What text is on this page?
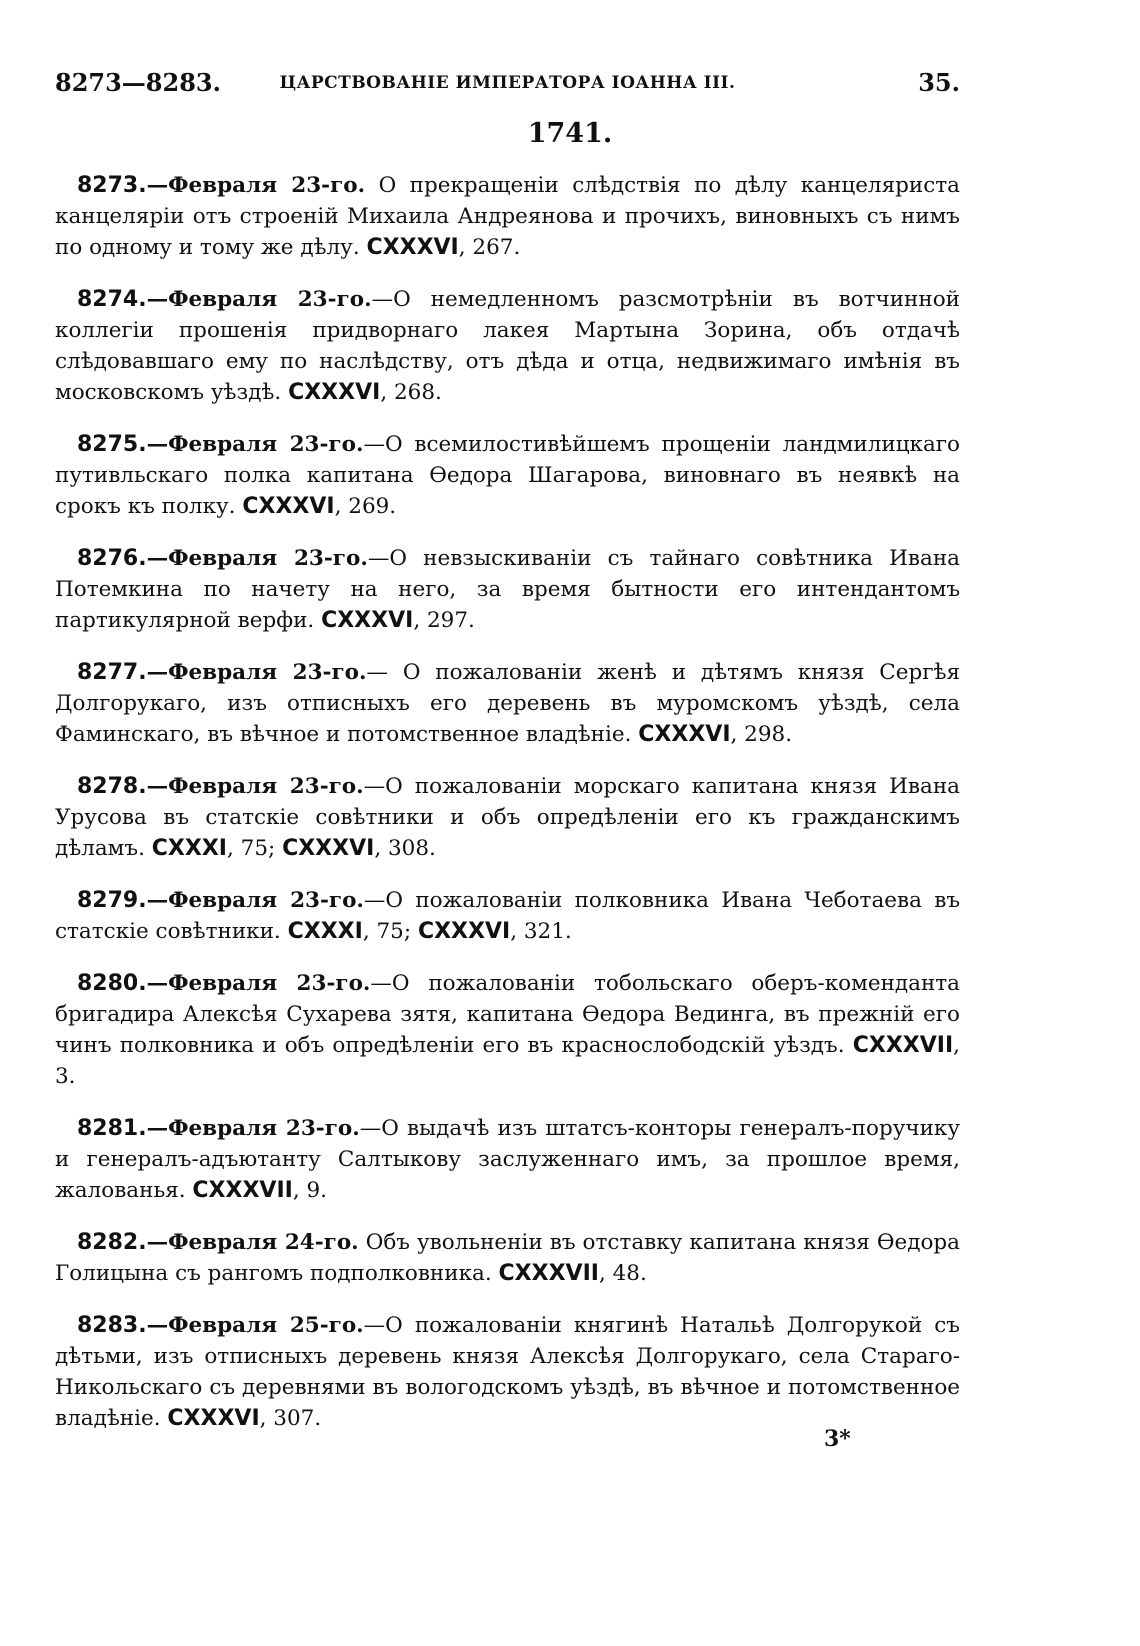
8273—8283.	ЦАРСТВОВАНІЕ ИМПЕРАТОРА ІОАННА III.	35.
1741.

8273.—Февраля 23-го. О прекращеніи слѣдствія по дѣлу канцеляриста канцеляріи отъ строеній Михаила Андреянова и прочихъ, виновныхъ съ нимъ по одному и тому же дѣлу. CXXXVI, 267.

8274.—Февраля 23-го.—О немедленномъ разсмотрѣніи въ вотчинной коллегіи прошенія придворнаго лакея Мартына Зорина, объ отдачѣ слѣдовавшаго ему по наслѣдству, отъ дѣда и отца, недвижимаго имѣнія въ московскомъ уѣздѣ. CXXXVI, 268.

8275.—Февраля 23-го.—О всемилостивѣйшемъ прощеніи ландмилицкаго путивльскаго полка капитана Ѳедора Шагарова, виновнаго въ неявкѣ на срокъ къ полку. CXXXVI, 269.

8276.—Февраля 23-го.—О невзыскиваніи съ тайнаго совѣтника Ивана Потемкина по начету на него, за время бытности его интендантомъ партикулярной верфи. CXXXVI, 297.

8277.—Февраля 23-го.— О пожалованіи женѣ и дѣтямъ князя Сергѣя Долгорукаго, изъ отписныхъ его деревень въ муромскомъ уѣздѣ, села Фаминскаго, въ вѣчное и потомственное владѣніе. CXXXVI, 298.

8278.—Февраля 23-го.—О пожалованіи морскаго капитана князя Ивана Урусова въ статскіе совѣтники и объ опредѣленіи его къ гражданскимъ дѣламъ. CXXXI, 75; CXXXVI, 308.

8279.—Февраля 23-го.—О пожалованіи полковника Ивана Чеботаева въ статскіе совѣтники. CXXXI, 75; CXXXVI, 321.

8280.—Февраля 23-го.—О пожалованіи тобольскаго оберъ-коменданта бригадира Алексѣя Сухарева зятя, капитана Ѳедора Вединга, въ прежній его чинъ полковника и объ опредѣленіи его въ краснослободскій уѣздъ. CXXXVII, 3.

8281.—Февраля 23-го.—О выдачѣ изъ штатсъ-конторы генералъ-поручику и генералъ-адъютанту Салтыкову заслуженнаго имъ, за прошлое время, жалованья. CXXXVII, 9.

8282.—Февраля 24-го. Объ увольненіи въ отставку капитана князя Ѳедора Голицына съ рангомъ подполковника. CXXXVII, 48.

8283.—Февраля 25-го.—О пожалованіи княгинѣ Натальѣ Долгорукой съ дѣтьми, изъ отписныхъ деревень князя Алексѣя Долгорукаго, села Стараго-Никольскаго съ деревнями въ вологодскомъ уѣздѣ, въ вѣчное и потомственное владѣніе. CXXXVI, 307.

3*
